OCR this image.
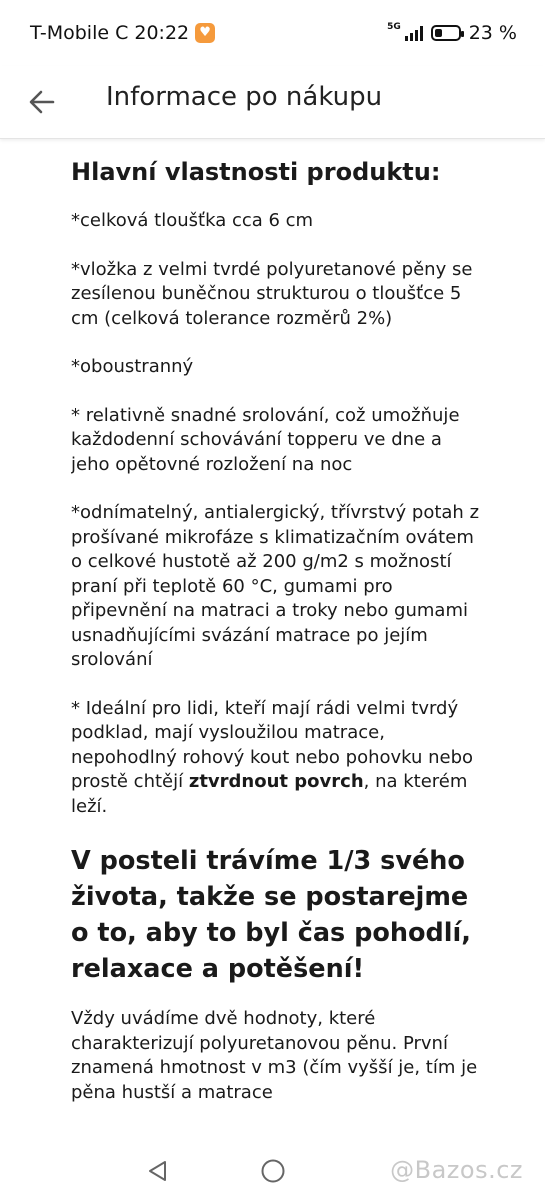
T-Mobile C 20:22 ♥	5G	23 %
Informace po nákupu
Hlavní vlastnosti produktu:

*celková tloušťka cca 6 cm

*vložka z velmi tvrdé polyuretanové pěny se zesílenou buněčnou strukturou o tloušťce 5 cm (celková tolerance rozměrů 2%)

*oboustranný

* relativně snadné srolování, což umožňuje každodenní schovávání topperu ve dne a jeho opětovné rozložení na noc

*odnímatelný, antialergický, třívrstvý potah z prošívané mikrofáze s klimatizačním ovátem o celkové hustotě až 200 g/m2 s možností praní při teplotě 60 °C, gumami pro připevnění na matraci a troky nebo gumami usnadňujícími svázání matrace po jejím srolování

* Ideální pro lidi, kteří mají rádi velmi tvrdý podklad, mají vysloužilou matrace, nepohodlný rohový kout nebo pohovku nebo prostě chtějí ztvrdnout povrch, na kterém leží.

V posteli trávíme 1/3 svého života, takže se postarejme o to, aby to byl čas pohodlí, relaxace a potěšení!

Vždy uvádíme dvě hodnoty, které charakterizují polyuretanovou pěnu. První znamená hmotnost v m3 (čím vyšší je, tím je pěna hustší a matrace

@Bazos.cz
